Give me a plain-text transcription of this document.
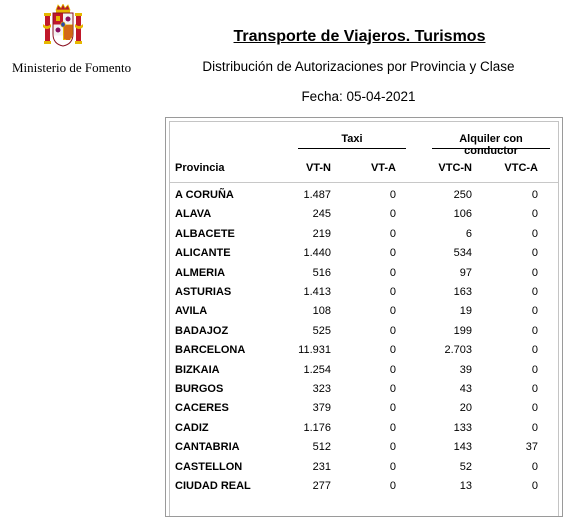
Ministerio de Fomento
Transporte de Viajeros. Turismos
Distribución de Autorizaciones por Provincia y Clase
Fecha: 05-04-2021
Taxi	Alquiler con conductor
Provincia	VT-N	VT-A	VTC-N	VTC-A
A CORUÑA	1.487	0	250	0
ALAVA	245	0	106	0
ALBACETE	219	0	6	0
ALICANTE	1.440	0	534	0
ALMERIA	516	0	97	0
ASTURIAS	1.413	0	163	0
AVILA	108	0	19	0
BADAJOZ	525	0	199	0
BARCELONA	11.931	0	2.703	0
BIZKAIA	1.254	0	39	0
BURGOS	323	0	43	0
CACERES	379	0	20	0
CADIZ	1.176	0	133	0
CANTABRIA	512	0	143	37
CASTELLON	231	0	52	0
CIUDAD REAL	277	0	13	0
